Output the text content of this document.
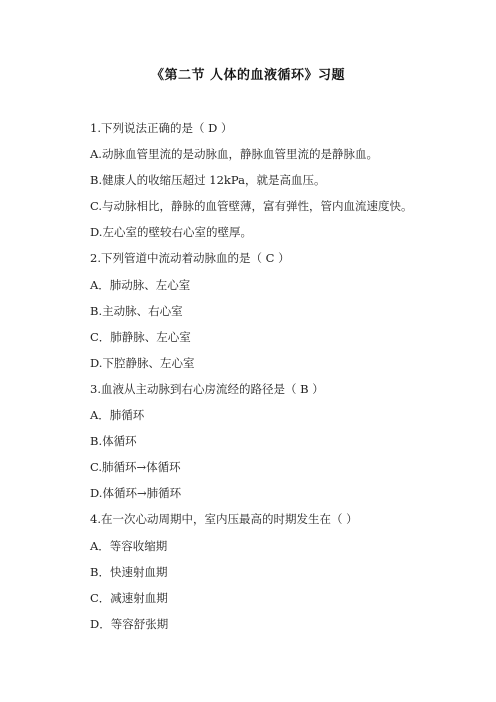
《第二节 人体的血液循环》习题
1.下列说法正确的是（ D ）
A.动脉血管里流的是动脉血，静脉血管里流的是静脉血。
B.健康人的收缩压超过 12kPa，就是高血压。
C.与动脉相比，静脉的血管壁薄，富有弹性，管内血流速度快。
D.左心室的壁较右心室的壁厚。
2.下列管道中流动着动脉血的是（ C ）
A．肺动脉、左心室
B.主动脉、右心室
C．肺静脉、左心室
D.下腔静脉、左心室
3.血液从主动脉到右心房流经的路径是（ B ）
A．肺循环
B.体循环
C.肺循环→体循环
D.体循环→肺循环
4.在一次心动周期中，室内压最高的时期发生在（ ）
A．等容收缩期
B．快速射血期
C．减速射血期
D．等容舒张期
